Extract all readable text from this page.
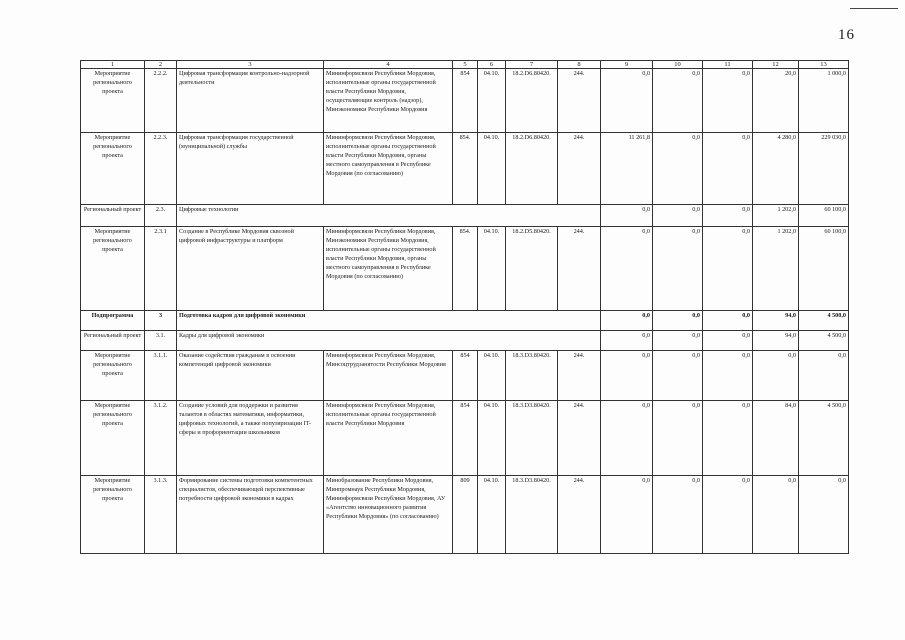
16
1	2	3	4	5	6	7	8	9	10	11	12	13
Мероприятие регионального проекта	2.2.2.	Цифровая трансформация контрольно-надзорной деятельности	Мининформсвязи Республики Мордовия, исполнительные органы государственной власти Республики Мордовия, осуществляющие контроль (надзор), Минэкономики Республики Мордовия	854	04.10.	18.2.D6.80420.	244.	0,0	0,0	0,0	20,0	1 000,0
Мероприятие регионального проекта	2.2.3.	Цифровая трансформация государственной (муниципальной) службы	Мининформсвязи Республики Мордовия, исполнительные органы государственной власти Республики Мордовия, органы местного самоуправления в Республике Мордовия (по согласованию)	854.	04.10.	18.2.D6.80420.	244.	11 261,8	0,0	0,0	4 280,0	229 030,0
Региональный проект	2.3.	Цифровые технологии						0,0	0,0	0,0	1 202,0	60 100,0
Мероприятие регионального проекта	2.3.1	Создание в Республике Мордовия сквозной цифровой инфраструктуры и платформ	Мининформсвязи Республики Мордовия, Минэкономики Республики Мордовия, исполнительные органы государственной власти Республики Мордовия, органы местного самоуправления в Республике Мордовия (по согласованию)	854.	04.10.	18.2.D5.80420.	244.	0,0	0,0	0,0	1 202,0	60 100,0
Подпрограмма	3	Подготовка кадров для цифровой экономики						0,0	0,0	0,0	94,0	4 500,0
Региональный проект	3.1.	Кадры для цифровой экономики						0,0	0,0	0,0	94,0	4 500,0
Мероприятие регионального проекта	3.1.1.	Оказание содействия гражданам в освоении компетенций цифровой экономики	Мининформсвязи Республики Мордовия, Минсоцтрудзанятости Республики Мордовия	854	04.10.	18.3.D3.80420.	244.	0,0	0,0	0,0	0,0	0,0
Мероприятие регионального проекта	3.1.2.	Создание условий для поддержки и развития талантов в областях математики, информатики, цифровых технологий, а также популяризации IT-сферы и профориентации школьников	Мининформсвязи Республики Мордовия, исполнительные органы государственной власти Республики Мордовия	854	04.10.	18.3.D3.80420.	244.	0,0	0,0	0,0	84,0	4 500,0
Мероприятие регионального проекта	3.1.3.	Формирование системы подготовки компетентных специалистов, обеспечивающей перспективные потребности цифровой экономики в кадрах	Минобразование Республики Мордовия, Минпромнаук Республики Мордовия, Мининформсвязи Республики Мордовия, АУ «Агентство инновационного развития Республики Мордовия» (по согласованию)	809	04.10.	18.3.D3.80420.	244.	0,0	0,0	0,0	0,0	0,0
